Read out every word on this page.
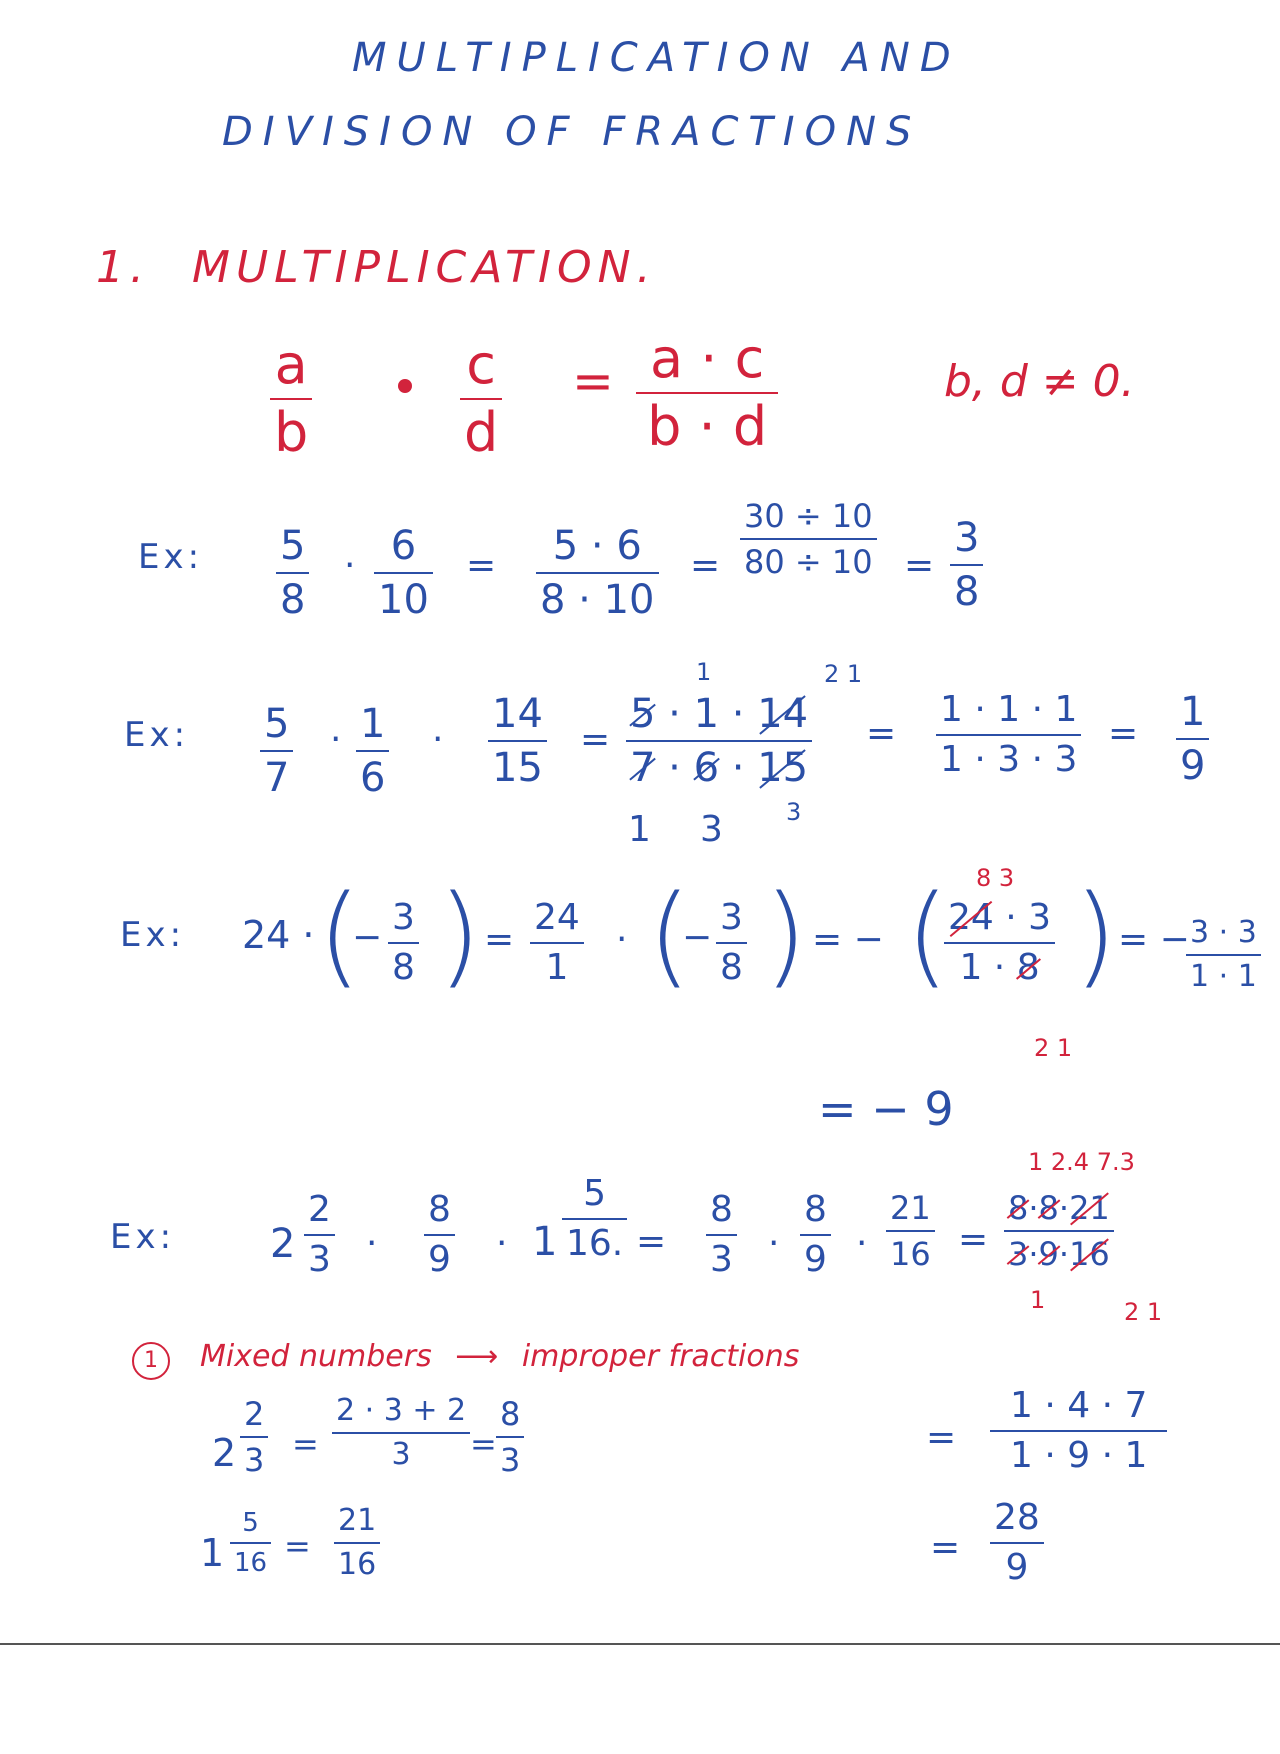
MULTIPLICATION AND
DIVISION OF FRACTIONS
1. MULTIPLICATION.
a
b
c
d
= a · c
b · d
b, d ≠ 0.
Ex: 5
8
· 6
10
= 5 · 6
8 · 10
=
30 ÷ 10
80 ÷ 10 =
3
8
Ex: 5
7
· 1
6
·
14
15
=
1	2 1
5 · 1 · 14
7 · 6 · 15
1 3	3
=
1 · 1 · 1
1 · 3 · 3
= 1
9
Ex: 24 · (
− 3
8 ) =
24
1
· (
− 3
8 ) = −
8 3
( 24 · 3
1 · 8
2 1
) = − 3 · 3
1 · 1
= − 9
Ex: 2
2
3 ·
8
9 · 1
5
16. =
8
3 ·
8
9 ·
21
16 =
1 2.4 7.3
8·8·21
3·9·16
1	2 1
1	Mixed numbers ⟶ improper fractions
2
2
3 =
2 · 3 + 2
3 =
8
3
1
5
16 =
21
16
=
1 · 4 · 7
1 · 9 · 1
=
28
9
